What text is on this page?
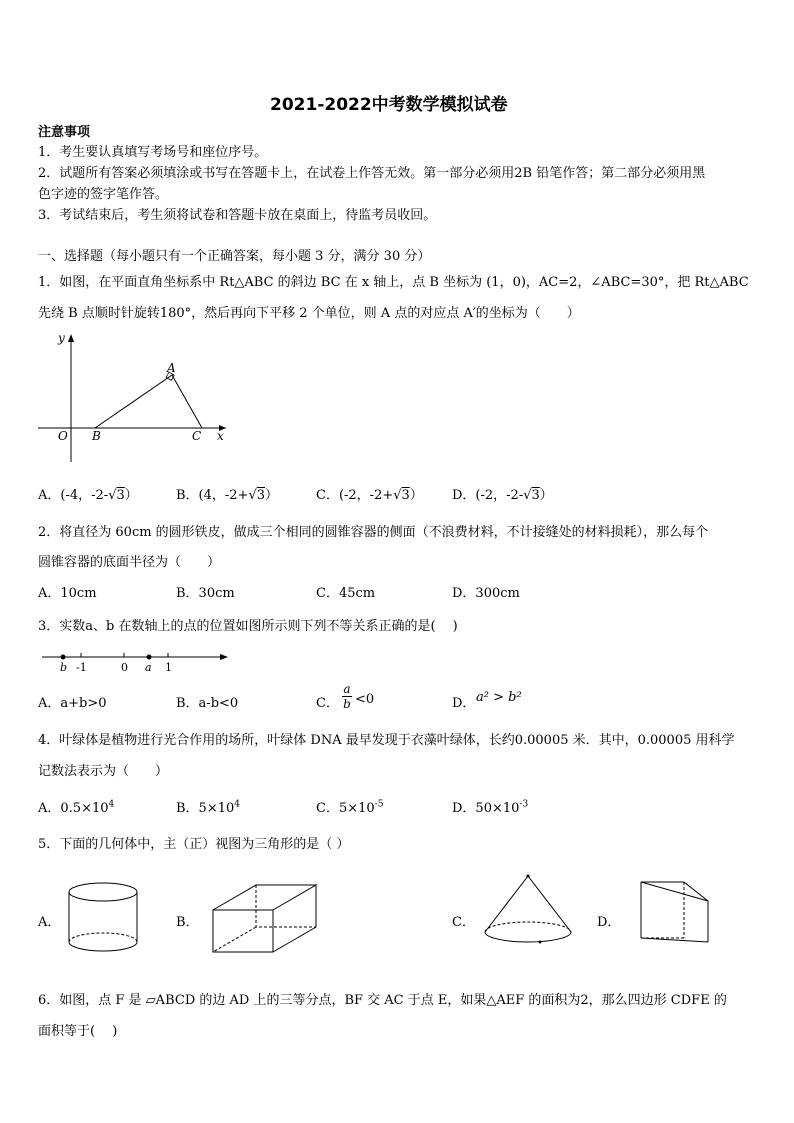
2021-2022中考数学模拟试卷
注意事项
1．考生要认真填写考场号和座位序号。
2．试题所有答案必须填涂或书写在答题卡上，在试卷上作答无效。第一部分必须用2B 铅笔作答；第二部分必须用黑
色字迹的签字笔作答。
3．考试结束后，考生须将试卷和答题卡放在桌面上，待监考员收回。
一、选择题（每小题只有一个正确答案，每小题 3 分，满分 30 分）
1．如图，在平面直角坐标系中 Rt△ABC 的斜边 BC 在 x 轴上，点 B 坐标为 (1，0)，AC=2，∠ABC=30°，把 Rt△ABC
先绕 B 点顺时针旋转180°，然后再向下平移 2 个单位，则 A 点的对应点 A′的坐标为（　　）
y
A
O B	C x
A．(-4，-2-√3）	B．(4，-2+√3）	C．(-2，-2+√3） D．(-2，-2-√3）
2．将直径为 60cm 的圆形铁皮，做成三个相同的圆锥容器的侧面（不浪费材料，不计接缝处的材料损耗），那么每个
圆锥容器的底面半径为（　　）
A．10cm	B．30cm	C．45cm	D．300cm
3．实数a、b 在数轴上的点的位置如图所示则下列不等关系正确的是(　 )
b -1	0 a 1
A．a+b>0	B．a-b<0	C． $\frac{a}{b} <0$	D． a² > b²
4．叶绿体是植物进行光合作用的场所，叶绿体 DNA 最早发现于衣藻叶绿体，长约0.00005 米．其中，0.00005 用科学
记数法表示为（　　）
A．$0.5\times 10^4$	B．$5\times 10^4$	C．$5\times 10^{-5}$	D．$50\times 10^{-3}$
5．下面的几何体中，主（正）视图为三角形的是（ ）
A．	B．	C．	D．
6．如图，点 F 是 ▱ABCD 的边 AD 上的三等分点，BF 交 AC 于点 E，如果△AEF 的面积为2，那么四边形 CDFE 的
面积等于(　 )
